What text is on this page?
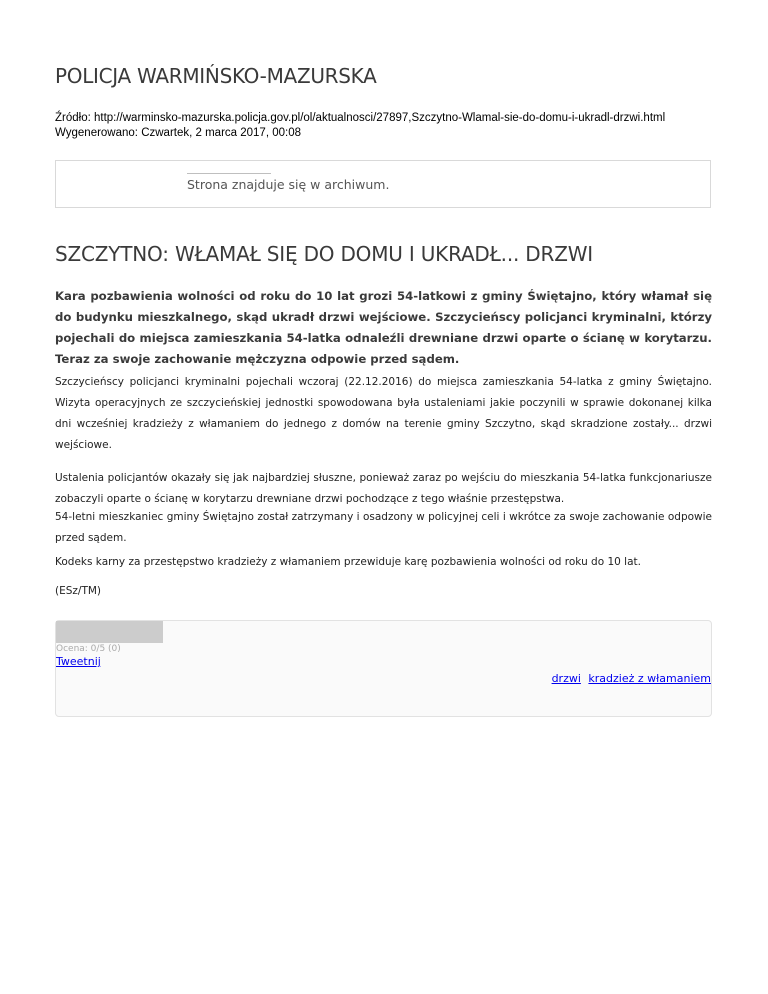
POLICJA WARMIŃSKO-MAZURSKA
Źródło: http://warminsko-mazurska.policja.gov.pl/ol/aktualnosci/27897,Szczytno-Wlamal-sie-do-domu-i-ukradl-drzwi.html
Wygenerowano: Czwartek, 2 marca 2017, 00:08
Strona znajduje się w archiwum.
SZCZYTNO: WŁAMAŁ SIĘ DO DOMU I UKRADŁ... DRZWI

Kara pozbawienia wolności od roku do 10 lat grozi 54-latkowi z gminy Świętajno, który włamał się do budynku mieszkalnego, skąd ukradł drzwi wejściowe. Szczycieńscy policjanci kryminalni, którzy pojechali do miejsca zamieszkania 54-latka odnaleźli drewniane drzwi oparte o ścianę w korytarzu. Teraz za swoje zachowanie mężczyzna odpowie przed sądem.

Szczycieńscy policjanci kryminalni pojechali wczoraj (22.12.2016) do miejsca zamieszkania 54-latka z gminy Świętajno. Wizyta operacyjnych ze szczycieńskiej jednostki spowodowana była ustaleniami jakie poczynili w sprawie dokonanej kilka dni wcześniej kradzieży z włamaniem do jednego z domów na terenie gminy Szczytno, skąd skradzione zostały... drzwi wejściowe.

Ustalenia policjantów okazały się jak najbardziej słuszne, ponieważ zaraz po wejściu do mieszkania 54-latka funkcjonariusze zobaczyli oparte o ścianę w korytarzu drewniane drzwi pochodzące z tego właśnie przestępstwa.

54-letni mieszkaniec gminy Świętajno został zatrzymany i osadzony w policyjnej celi i wkrótce za swoje zachowanie odpowie przed sądem.

Kodeks karny za przestępstwo kradzieży z włamaniem przewiduje karę pozbawienia wolności od roku do 10 lat.

(ESz/TM)

Ocena: 0/5 (0)
Tweetnij
drzwi kradzież z włamaniem
